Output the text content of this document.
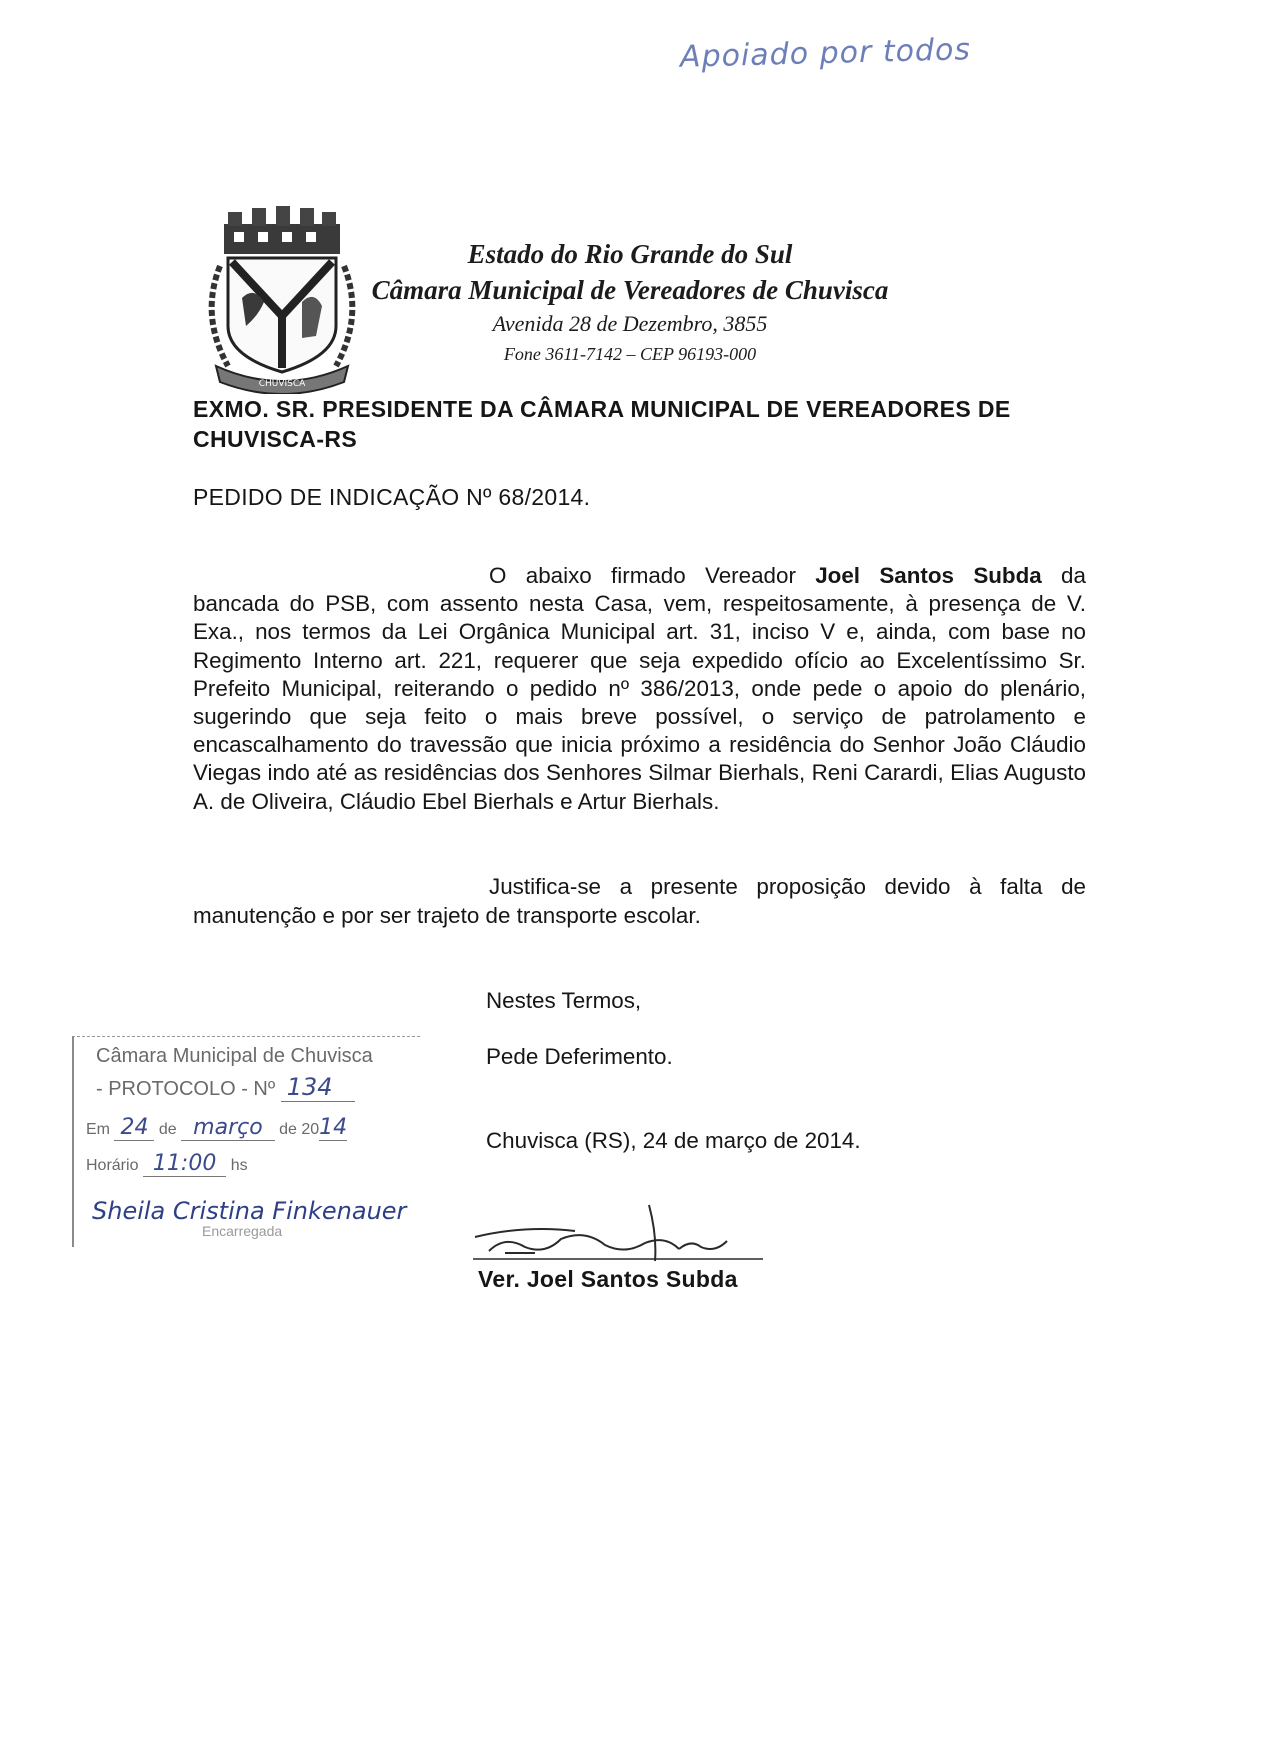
Apoiado por todos
CHUVISCA
Estado do Rio Grande do Sul
Câmara Municipal de Vereadores de Chuvisca
Avenida 28 de Dezembro, 3855
Fone 3611-7142 – CEP 96193-000
EXMO. SR. PRESIDENTE DA CÂMARA MUNICIPAL DE VEREADORES DE CHUVISCA-RS
PEDIDO DE INDICAÇÃO Nº 68/2014.
O abaixo firmado Vereador Joel Santos Subda da bancada do PSB, com assento nesta Casa, vem, respeitosamente, à presença de V. Exa., nos termos da Lei Orgânica Municipal art. 31, inciso V e, ainda, com base no Regimento Interno art. 221, requerer que seja expedido ofício ao Excelentíssimo Sr. Prefeito Municipal, reiterando o pedido nº 386/2013, onde pede o apoio do plenário, sugerindo que seja feito o mais breve possível, o serviço de patrolamento e encascalhamento do travessão que inicia próximo a residência do Senhor João Cláudio Viegas indo até as residências dos Senhores Silmar Bierhals, Reni Carardi, Elias Augusto A. de Oliveira, Cláudio Ebel Bierhals e Artur Bierhals.
Justifica-se a presente proposição devido à falta de manutenção e por ser trajeto de transporte escolar.
Nestes Termos,
Pede Deferimento.
Chuvisca (RS), 24 de março de 2014.
Câmara Municipal de Chuvisca
- PROTOCOLO - Nº 134
Em 24 de março de 2014
Horário 11:00 hs
Sheila Cristina Finkenauer
Encarregada
Ver. Joel Santos Subda
